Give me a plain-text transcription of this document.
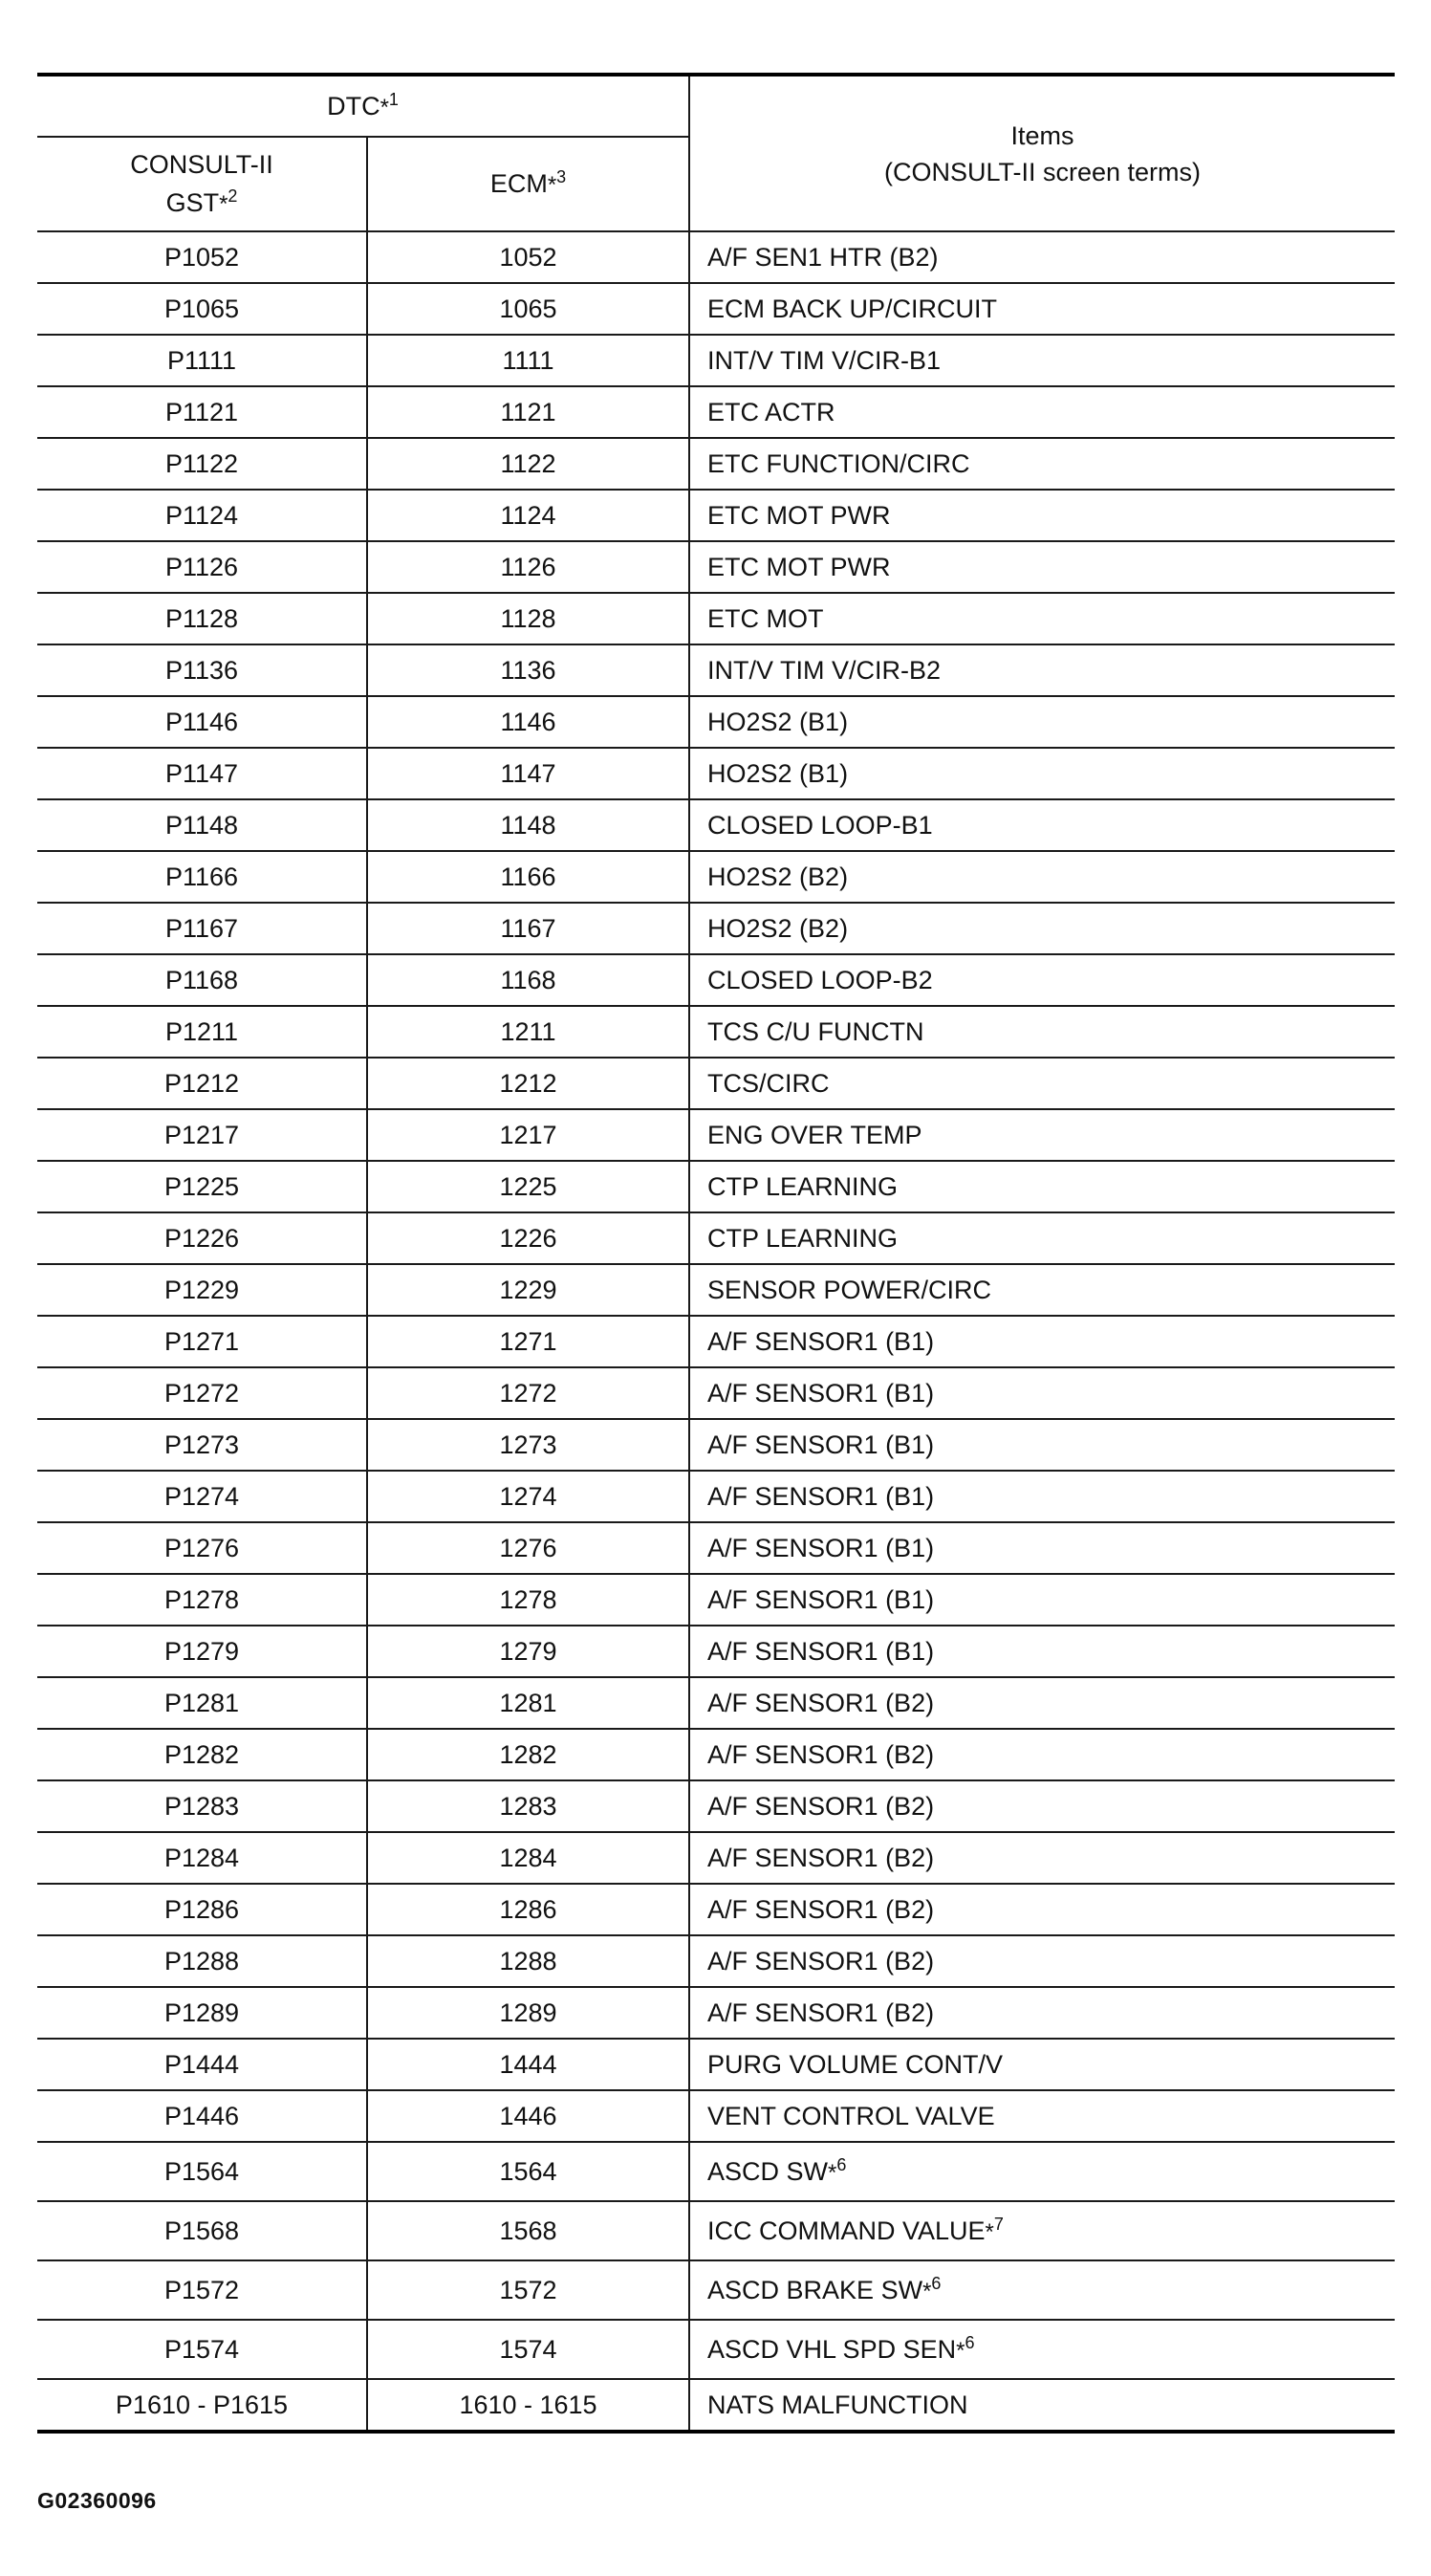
DTC*$^1$		Items
(CONSULT-II screen terms)
CONSULT-II
GST*$^2$	ECM*$^3$
P1052	1052	A/F SEN1 HTR (B2)
P1065	1065	ECM BACK UP/CIRCUIT
P1111	1111	INT/V TIM V/CIR-B1
P1121	1121	ETC ACTR
P1122	1122	ETC FUNCTION/CIRC
P1124	1124	ETC MOT PWR
P1126	1126	ETC MOT PWR
P1128	1128	ETC MOT
P1136	1136	INT/V TIM V/CIR-B2
P1146	1146	HO2S2 (B1)
P1147	1147	HO2S2 (B1)
P1148	1148	CLOSED LOOP-B1
P1166	1166	HO2S2 (B2)
P1167	1167	HO2S2 (B2)
P1168	1168	CLOSED LOOP-B2
P1211	1211	TCS C/U FUNCTN
P1212	1212	TCS/CIRC
P1217	1217	ENG OVER TEMP
P1225	1225	CTP LEARNING
P1226	1226	CTP LEARNING
P1229	1229	SENSOR POWER/CIRC
P1271	1271	A/F SENSOR1 (B1)
P1272	1272	A/F SENSOR1 (B1)
P1273	1273	A/F SENSOR1 (B1)
P1274	1274	A/F SENSOR1 (B1)
P1276	1276	A/F SENSOR1 (B1)
P1278	1278	A/F SENSOR1 (B1)
P1279	1279	A/F SENSOR1 (B1)
P1281	1281	A/F SENSOR1 (B2)
P1282	1282	A/F SENSOR1 (B2)
P1283	1283	A/F SENSOR1 (B2)
P1284	1284	A/F SENSOR1 (B2)
P1286	1286	A/F SENSOR1 (B2)
P1288	1288	A/F SENSOR1 (B2)
P1289	1289	A/F SENSOR1 (B2)
P1444	1444	PURG VOLUME CONT/V
P1446	1446	VENT CONTROL VALVE
P1564	1564	ASCD SW*$^6$
P1568	1568	ICC COMMAND VALUE*$^7$
P1572	1572	ASCD BRAKE SW*$^6$
P1574	1574	ASCD VHL SPD SEN*$^6$
P1610 - P1615	1610 - 1615	NATS MALFUNCTION
G02360096
